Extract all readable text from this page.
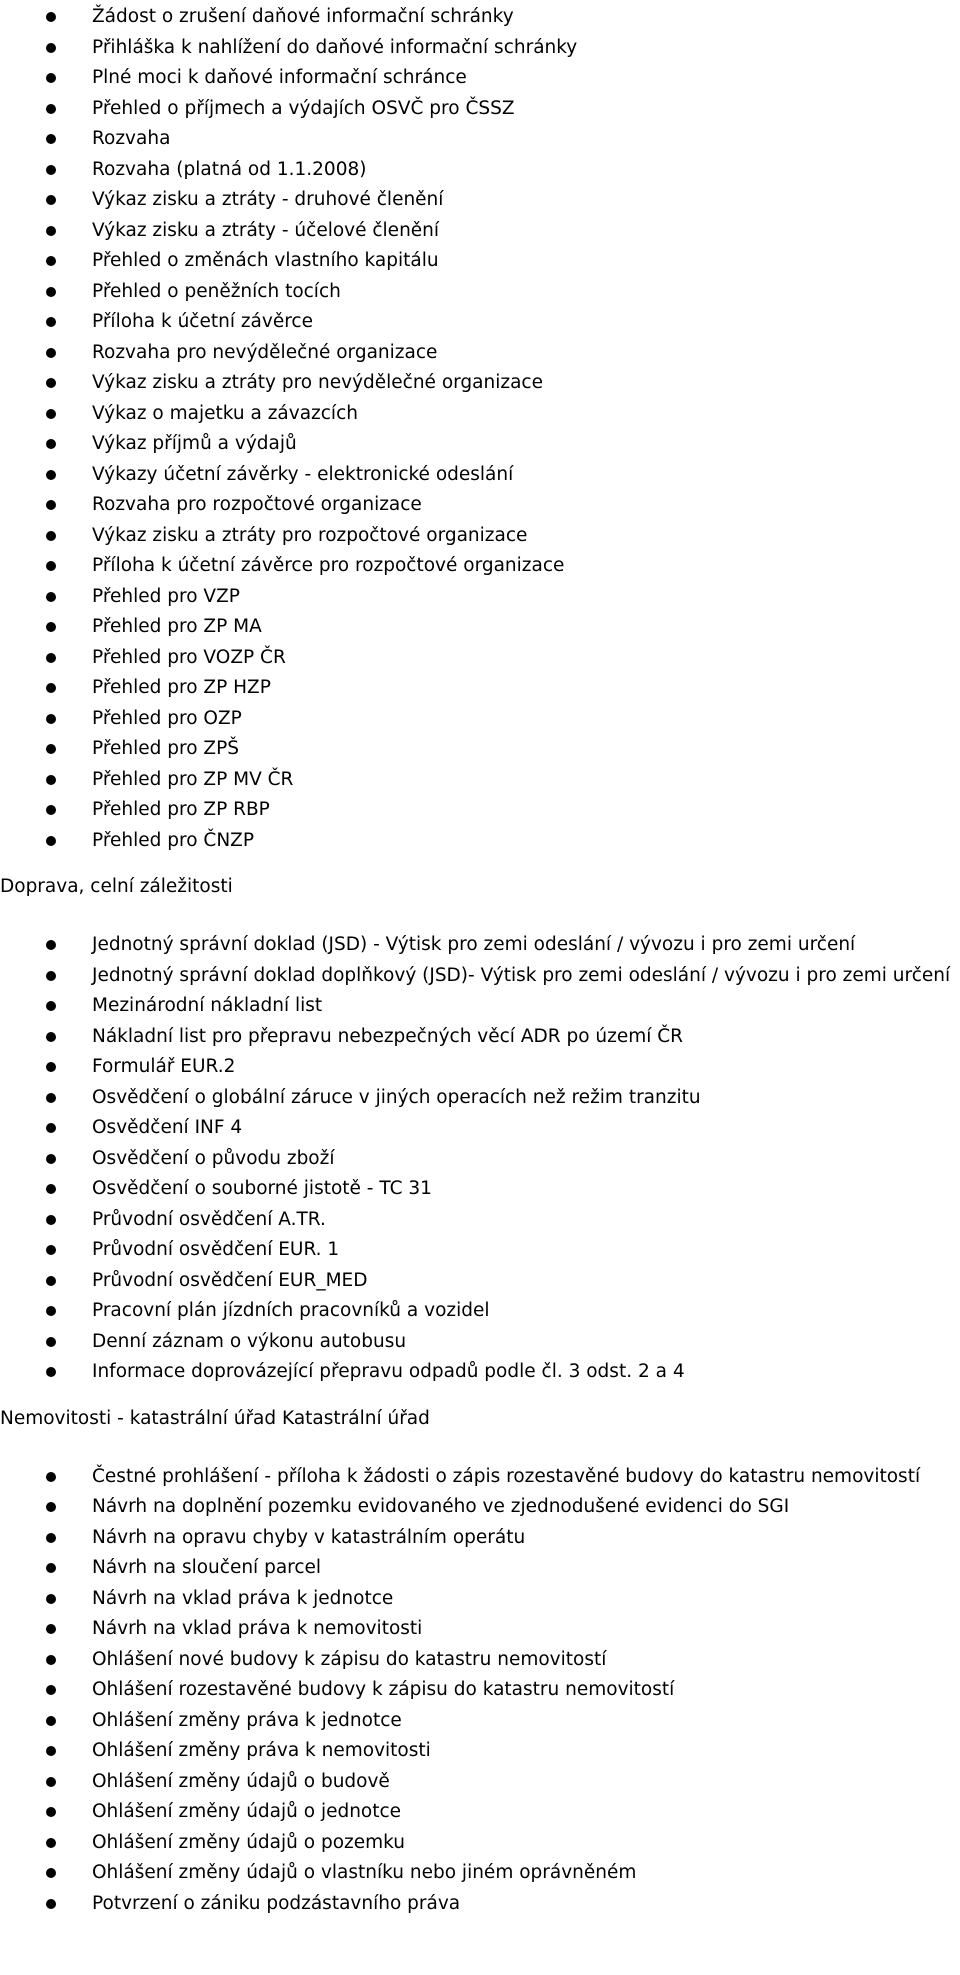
Žádost o zrušení daňové informační schránky
Přihláška k nahlížení do daňové informační schránky
Plné moci k daňové informační schránce
Přehled o příjmech a výdajích OSVČ pro ČSSZ
Rozvaha
Rozvaha (platná od 1.1.2008)
Výkaz zisku a ztráty - druhové členění
Výkaz zisku a ztráty - účelové členění
Přehled o změnách vlastního kapitálu
Přehled o peněžních tocích
Příloha k účetní závěrce
Rozvaha pro nevýdělečné organizace
Výkaz zisku a ztráty pro nevýdělečné organizace
Výkaz o majetku a závazcích
Výkaz příjmů a výdajů
Výkazy účetní závěrky - elektronické odeslání
Rozvaha pro rozpočtové organizace
Výkaz zisku a ztráty pro rozpočtové organizace
Příloha k účetní závěrce pro rozpočtové organizace
Přehled pro VZP
Přehled pro ZP MA
Přehled pro VOZP ČR
Přehled pro ZP HZP
Přehled pro OZP
Přehled pro ZPŠ
Přehled pro ZP MV ČR
Přehled pro ZP RBP
Přehled pro ČNZP
Doprava, celní záležitosti
Jednotný správní doklad (JSD) - Výtisk pro zemi odeslání / vývozu i pro zemi určení
Jednotný správní doklad doplňkový (JSD)- Výtisk pro zemi odeslání / vývozu i pro zemi určení
Mezinárodní nákladní list
Nákladní list pro přepravu nebezpečných věcí ADR po území ČR
Formulář EUR.2
Osvědčení o globální záruce v jiných operacích než režim tranzitu
Osvědčení INF 4
Osvědčení o původu zboží
Osvědčení o souborné jistotě - TC 31
Průvodní osvědčení A.TR.
Průvodní osvědčení EUR. 1
Průvodní osvědčení EUR_MED
Pracovní plán jízdních pracovníků a vozidel
Denní záznam o výkonu autobusu
Informace doprovázející přepravu odpadů podle čl. 3 odst. 2 a 4
Nemovitosti - katastrální úřad Katastrální úřad
Čestné prohlášení - příloha k žádosti o zápis rozestavěné budovy do katastru nemovitostí
Návrh na doplnění pozemku evidovaného ve zjednodušené evidenci do SGI
Návrh na opravu chyby v katastrálním operátu
Návrh na sloučení parcel
Návrh na vklad práva k jednotce
Návrh na vklad práva k nemovitosti
Ohlášení nové budovy k zápisu do katastru nemovitostí
Ohlášení rozestavěné budovy k zápisu do katastru nemovitostí
Ohlášení změny práva k jednotce
Ohlášení změny práva k nemovitosti
Ohlášení změny údajů o budově
Ohlášení změny údajů o jednotce
Ohlášení změny údajů o pozemku
Ohlášení změny údajů o vlastníku nebo jiném oprávněném
Potvrzení o zániku podzástavního práva
